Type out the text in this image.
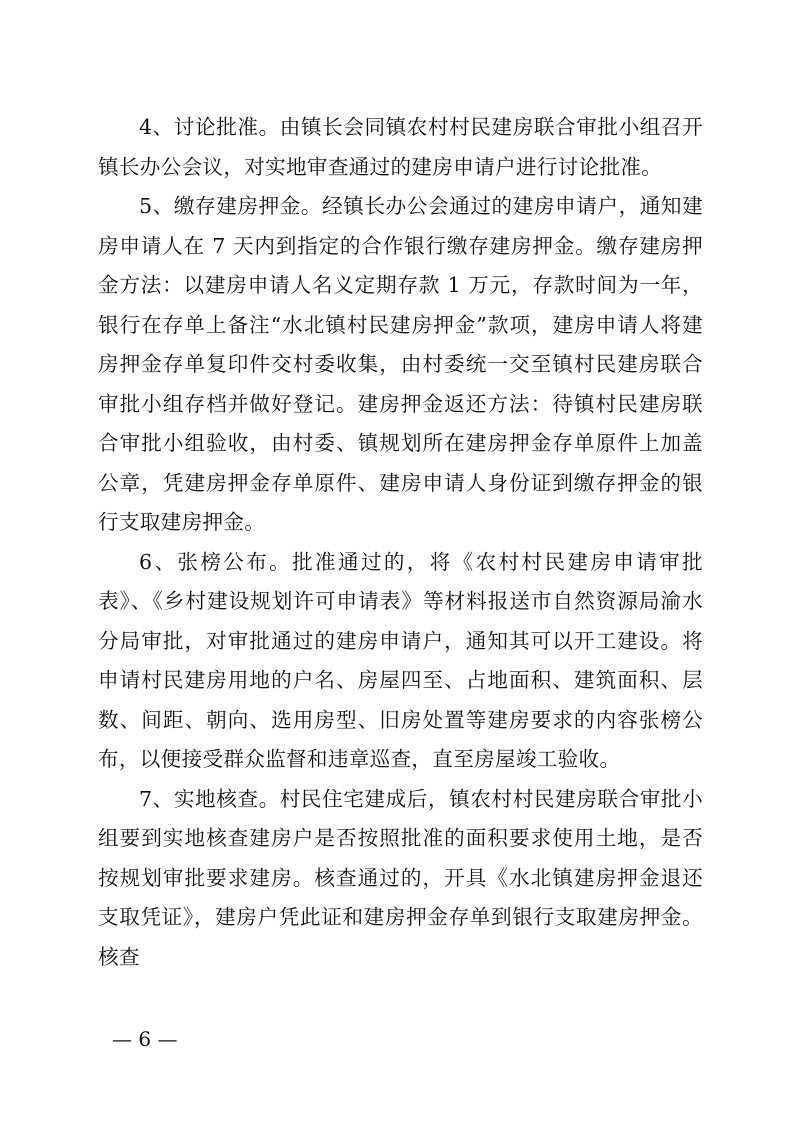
4、讨论批准。由镇长会同镇农村村民建房联合审批小组召开镇长办公会议，对实地审查通过的建房申请户进行讨论批准。

5、缴存建房押金。经镇长办公会通过的建房申请户，通知建房申请人在 7 天内到指定的合作银行缴存建房押金。缴存建房押金方法：以建房申请人名义定期存款 1 万元，存款时间为一年，银行在存单上备注“水北镇村民建房押金”款项，建房申请人将建房押金存单复印件交村委收集，由村委统一交至镇村民建房联合审批小组存档并做好登记。建房押金返还方法：待镇村民建房联合审批小组验收，由村委、镇规划所在建房押金存单原件上加盖公章，凭建房押金存单原件、建房申请人身份证到缴存押金的银行支取建房押金。

6、张榜公布。批准通过的，将《农村村民建房申请审批表》、《乡村建设规划许可申请表》等材料报送市自然资源局渝水分局审批，对审批通过的建房申请户，通知其可以开工建设。将申请村民建房用地的户名、房屋四至、占地面积、建筑面积、层数、间距、朝向、选用房型、旧房处置等建房要求的内容张榜公布，以便接受群众监督和违章巡查，直至房屋竣工验收。

7、实地核查。村民住宅建成后，镇农村村民建房联合审批小组要到实地核查建房户是否按照批准的面积要求使用土地，是否按规划审批要求建房。核查通过的，开具《水北镇建房押金退还支取凭证》，建房户凭此证和建房押金存单到银行支取建房押金。核查

— 6 —
